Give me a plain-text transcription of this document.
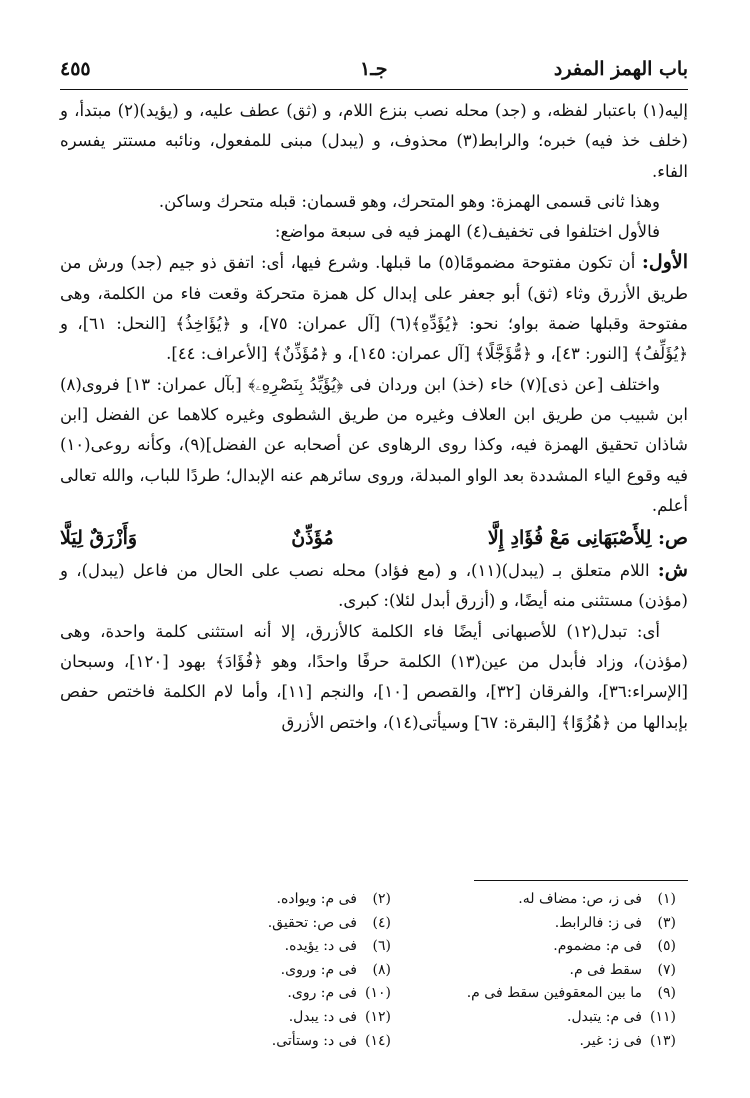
باب الهمز المفرد
جـ١
٤٥٥

إليه(١) باعتبار لفظه، و (جد) محله نصب بنزع اللام، و (ثق) عطف عليه، و (يؤيد)(٢) مبتدأ، و (خلف خذ فيه) خبره؛ والرابط(٣) محذوف، و (يبدل) مبنى للمفعول، ونائبه مستتر يفسره الفاء.

وهذا ثانى قسمى الهمزة: وهو المتحرك، وهو قسمان: قبله متحرك وساكن.

فالأول اختلفوا فى تخفيف(٤) الهمز فيه فى سبعة مواضع:

الأول: أن تكون مفتوحة مضمومًا(٥) ما قبلها. وشرع فيها، أى: اتفق ذو جيم (جد) ورش من طريق الأزرق وثاء (ثق) أبو جعفر على إبدال كل همزة متحركة وقعت فاء من الكلمة، وهى مفتوحة وقبلها ضمة بواو؛ نحو: ﴿يُؤَدِّهِ﴾(٦) [آل عمران: ٧٥]، و ﴿يُؤَاخِذُ﴾ [النحل: ٦١]، و ﴿يُؤَلِّفُ﴾ [النور: ٤٣]، و ﴿مُّؤَجَّلًا﴾ [آل عمران: ١٤٥]، و ﴿مُؤَذِّنٌ﴾ [الأعراف: ٤٤].

واختلف [عن ذى](٧) خاء (خذ) ابن وردان فى ﴿يُؤَيِّدُ بِنَصْرِهِۦ﴾ [بآل عمران: ١٣] فروى(٨) ابن شبيب من طريق ابن العلاف وغيره من طريق الشطوى وغيره كلاهما عن الفضل [ابن شاذان تحقيق الهمزة فيه، وكذا روى الرهاوى عن أصحابه عن الفضل](٩)، وكأنه روعى(١٠) فيه وقوع الياء المشددة بعد الواو المبدلة، وروى سائرهم عنه الإبدال؛ طردًا للباب، والله تعالى أعلم.

ص: لِلأَصْبَهَانِى مَعْ فُؤَادِ إِلَّا
مُؤَذِّنٌ
وَأَزْرَقٌ لِيَلَّا

ش: اللام متعلق بـ (يبدل)(١١)، و (مع فؤاد) محله نصب على الحال من فاعل (يبدل)، و (مؤذن) مستثنى منه أيضًا، و (أزرق أبدل لئلا): كبرى.

أى: تبدل(١٢) للأصبهانى أيضًا فاء الكلمة كالأزرق، إلا أنه استثنى كلمة واحدة، وهى (مؤذن)، وزاد فأبدل من عين(١٣) الكلمة حرفًا واحدًا، وهو ﴿فُؤَادَ﴾ بهود [١٢٠]، وسبحان [الإسراء:٣٦]، والفرقان [٣٢]، والقصص [١٠]، والنجم [١١]، وأما لام الكلمة فاختص حفص بإبدالها من ﴿هُزُوًا﴾ [البقرة: ٦٧] وسيأتى(١٤)، واختص الأزرق

(١)فى ز، ص: مضاف له.
(٢)فى م: ويواده.
(٣)فى ز: فالرابط.
(٤)فى ص: تحقيق.
(٥)فى م: مضموم.
(٦)فى د: يؤيده.
(٧)سقط فى م.
(٨)فى م: وروى.
(٩)ما بين المعقوفين سقط فى م.
(١٠)فى م: روى.
(١١)فى م: يتبدل.
(١٢)فى د: يبدل.
(١٣)فى ز: غير.
(١٤)فى د: وستأتى.
